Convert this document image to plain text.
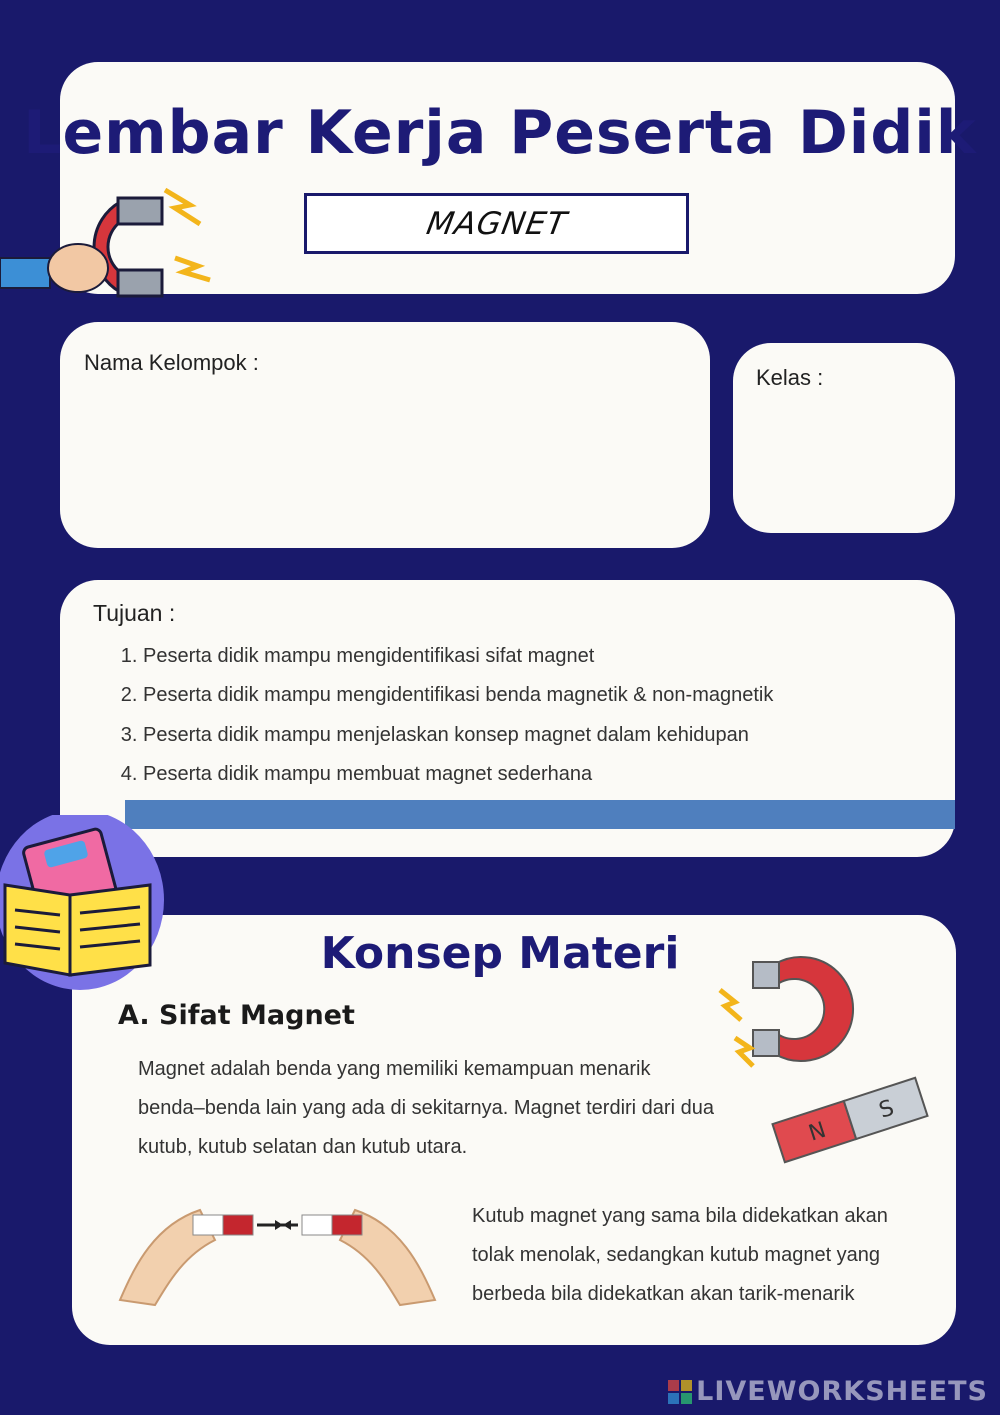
Lembar Kerja Peserta Didik
MAGNET
Nama Kelompok :
Kelas :
Tujuan :
1. Peserta didik mampu mengidentifikasi sifat magnet
2. Peserta didik mampu mengidentifikasi benda magnetik & non-magnetik
3. Peserta didik mampu menjelaskan konsep magnet dalam kehidupan
4. Peserta didik mampu membuat magnet sederhana
Konsep Materi
A. Sifat Magnet

Magnet adalah benda yang memiliki kemampuan menarik benda–benda lain yang ada di sekitarnya. Magnet terdiri dari dua kutub, kutub selatan dan kutub utara.

N
S

Kutub magnet yang sama bila didekatkan akan tolak menolak, sedangkan kutub magnet yang berbeda bila didekatkan akan tarik-menarik

LIVEWORKSHEETS
